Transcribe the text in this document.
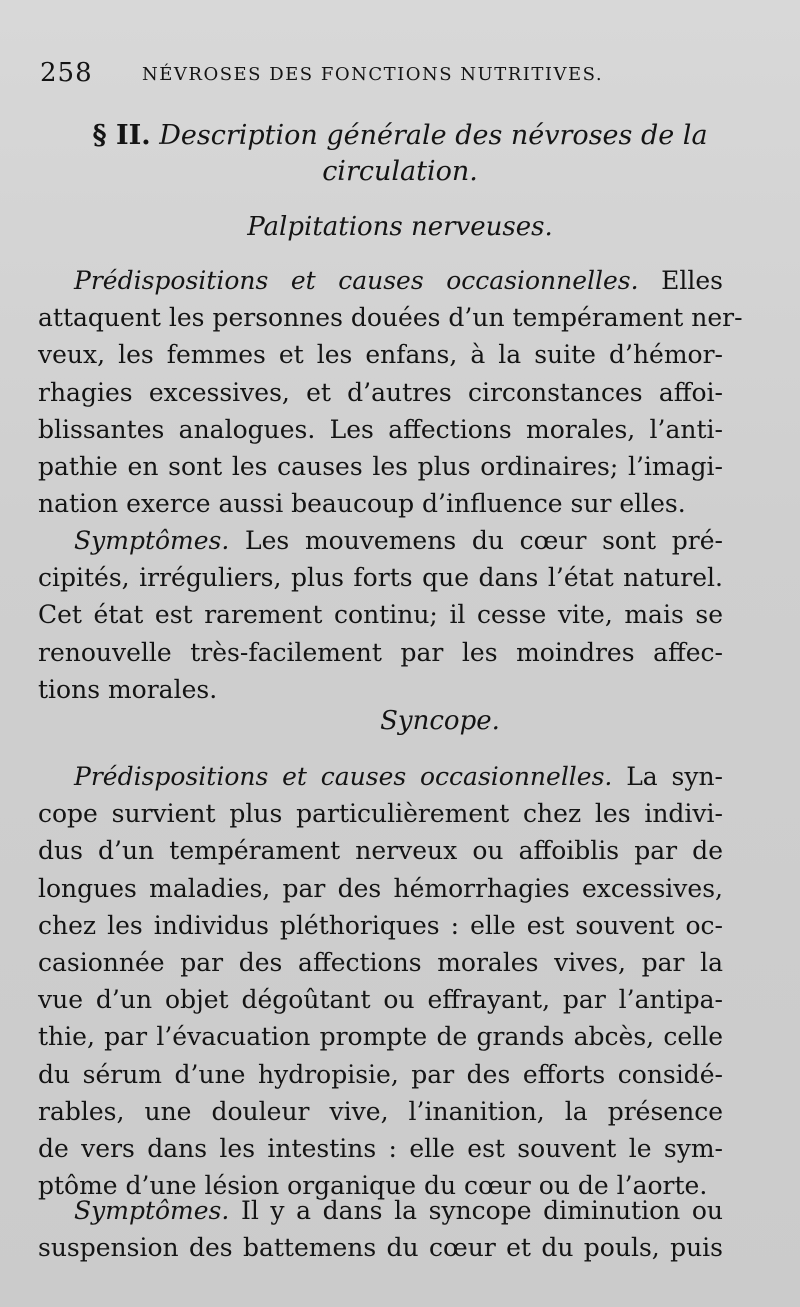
258	NÉVROSES DES FONCTIONS NUTRITIVES.
§ II. Description générale des névroses de la
circulation.
Palpitations nerveuses.
Prédispositions et causes occasionnelles. Elles
attaquent les personnes douées d’un tempérament ner-
veux, les femmes et les enfans, à la suite d’hémor-
rhagies excessives, et d’autres circonstances affoi-
blissantes analogues. Les affections morales, l’anti-
pathie en sont les causes les plus ordinaires; l’imagi-
nation exerce aussi beaucoup d’influence sur elles.
Symptômes. Les mouvemens du cœur sont pré-
cipités, irréguliers, plus forts que dans l’état naturel.
Cet état est rarement continu; il cesse vite, mais se
renouvelle très-facilement par les moindres affec-
tions morales.
Syncope.
Prédispositions et causes occasionnelles. La syn-
cope survient plus particulièrement chez les indivi-
dus d’un tempérament nerveux ou affoiblis par de
longues maladies, par des hémorrhagies excessives,
chez les individus pléthoriques : elle est souvent oc-
casionnée par des affections morales vives, par la
vue d’un objet dégoûtant ou effrayant, par l’antipa-
thie, par l’évacuation prompte de grands abcès, celle
du sérum d’une hydropisie, par des efforts considé-
rables, une douleur vive, l’inanition, la présence
de vers dans les intestins : elle est souvent le sym-
ptôme d’une lésion organique du cœur ou de l’aorte.
Symptômes. Il y a dans la syncope diminution ou
suspension des battemens du cœur et du pouls, puis
